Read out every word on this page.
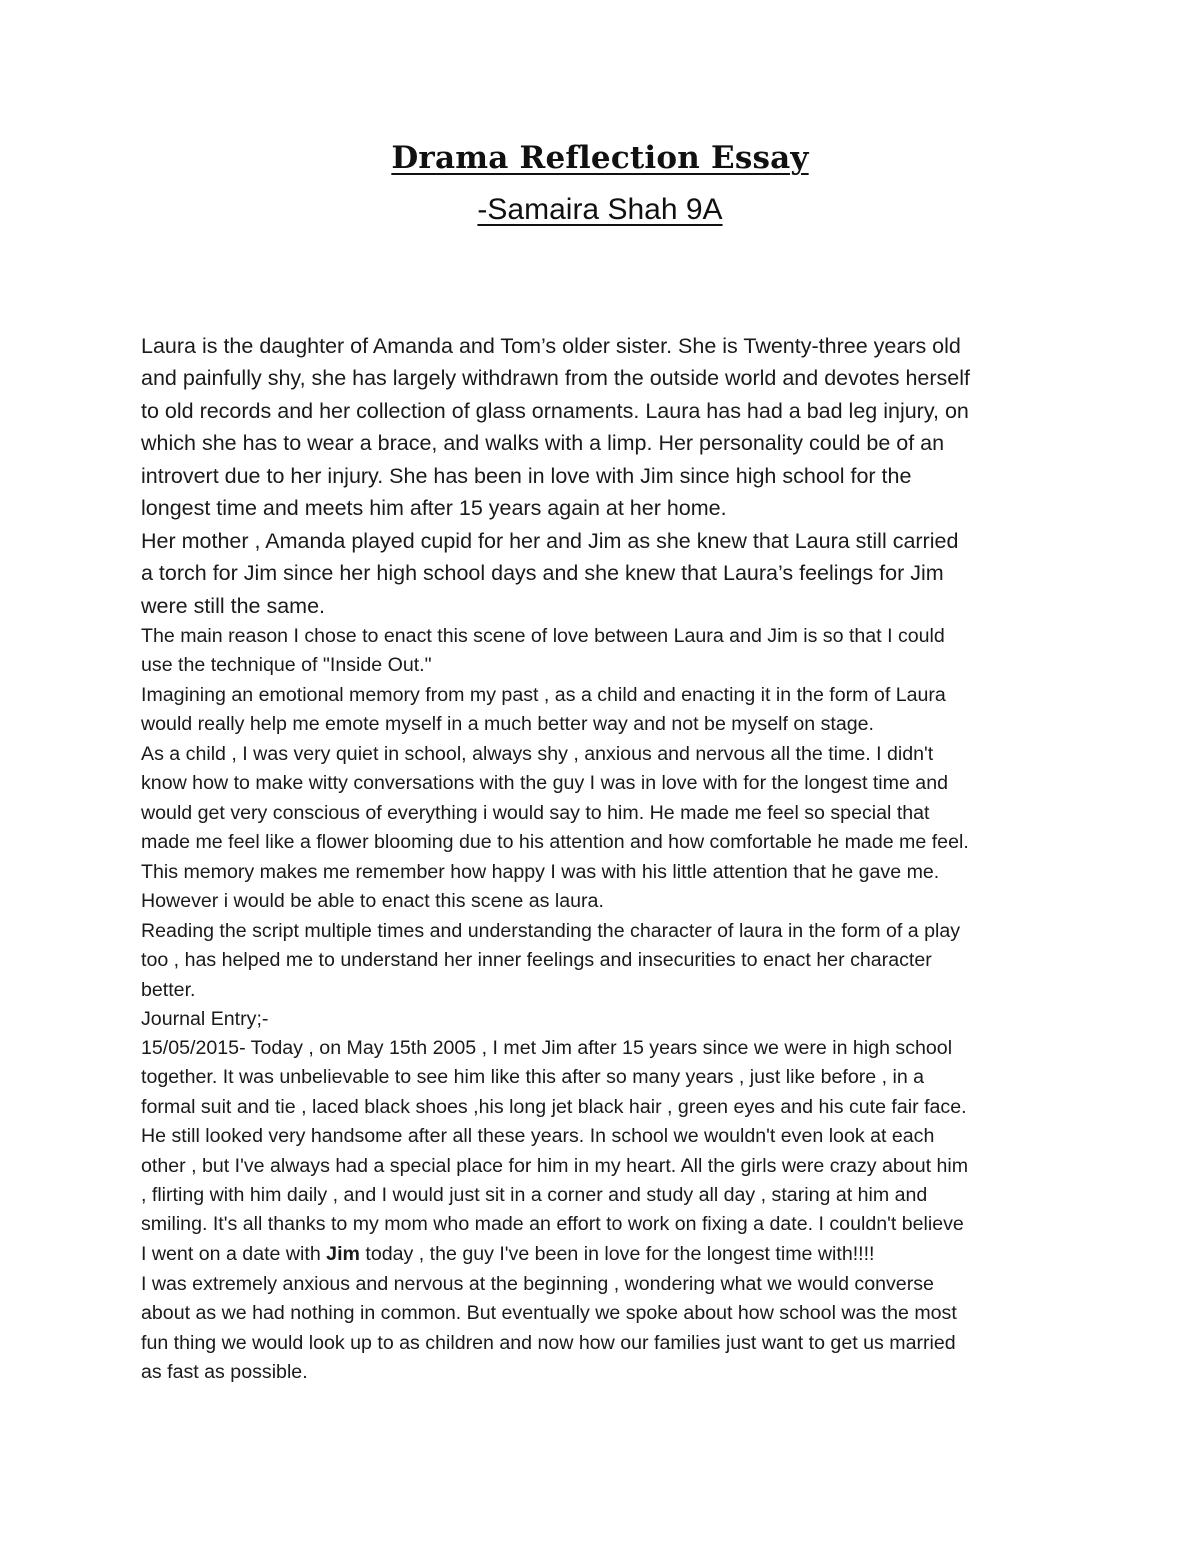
Drama Reflection Essay
-Samaira Shah 9A

Laura is the daughter of Amanda and Tom’s older sister. She is Twenty-three years old
and painfully shy, she has largely withdrawn from the outside world and devotes herself
to old records and her collection of glass ornaments. Laura has had a bad leg injury, on
which she has to wear a brace, and walks with a limp. Her personality could be of an
introvert due to her injury. She has been in love with Jim since high school for the
longest time and meets him after 15 years again at her home.

Her mother , Amanda played cupid for her and Jim as she knew that Laura still carried
a torch for Jim since her high school days and she knew that Laura’s feelings for Jim
were still the same.

The main reason I chose to enact this scene of love between Laura and Jim is so that I could
use the technique of "Inside Out."

Imagining an emotional memory from my past , as a child and enacting it in the form of Laura
would really help me emote myself in a much better way and not be myself on stage.

As a child , I was very quiet in school, always shy , anxious and nervous all the time. I didn't
know how to make witty conversations with the guy I was in love with for the longest time and
would get very conscious of everything i would say to him. He made me feel so special that
made me feel like a flower blooming due to his attention and how comfortable he made me feel.
This memory makes me remember how happy I was with his little attention that he gave me.
However i would be able to enact this scene as laura.

Reading the script multiple times and understanding the character of laura in the form of a play
too , has helped me to understand her inner feelings and insecurities to enact her character
better.

Journal Entry;-

15/05/2015- Today , on May 15th 2005 , I met Jim after 15 years since we were in high school
together. It was unbelievable to see him like this after so many years , just like before , in a
formal suit and tie , laced black shoes ,his long jet black hair , green eyes and his cute fair face.
He still looked very handsome after all these years. In school we wouldn't even look at each
other , but I've always had a special place for him in my heart. All the girls were crazy about him
, flirting with him daily , and I would just sit in a corner and study all day , staring at him and
smiling. It's all thanks to my mom who made an effort to work on fixing a date. I couldn't believe
I went on a date with Jim today , the guy I've been in love for the longest time with!!!!

I was extremely anxious and nervous at the beginning , wondering what we would converse
about as we had nothing in common. But eventually we spoke about how school was the most
fun thing we would look up to as children and now how our families just want to get us married
as fast as possible.
